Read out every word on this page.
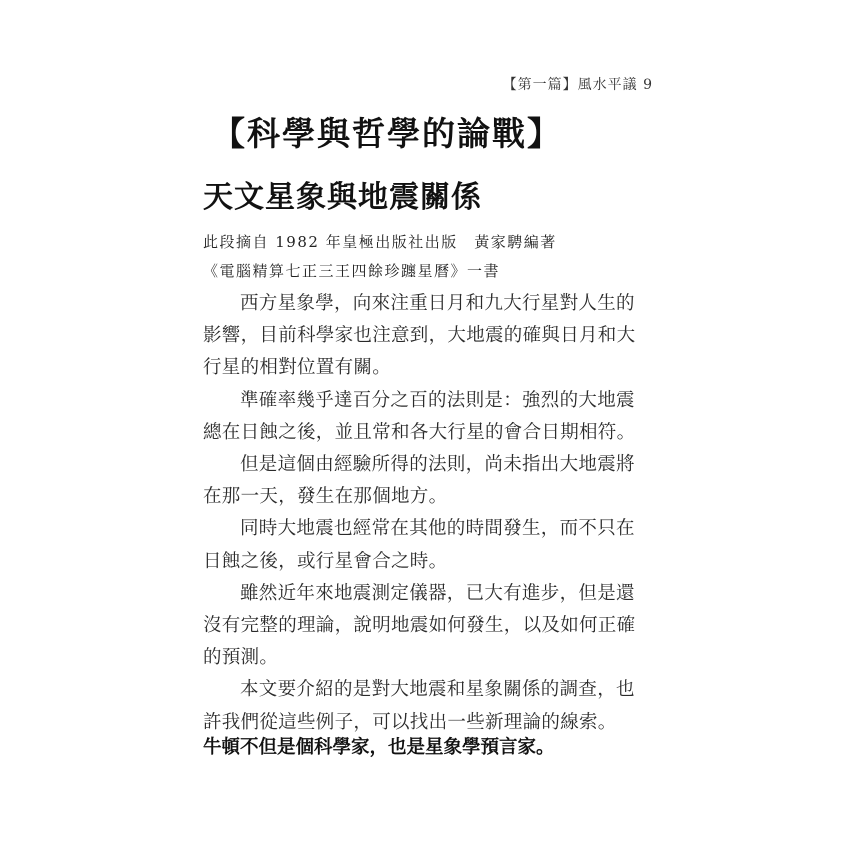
【第一篇】風水平議 9
【科學與哲學的論戰】
天文星象與地震關係
此段摘自 1982 年皇極出版社出版　黃家騁編著
《電腦精算七正三王四餘珍躔星曆》一書

西方星象學，向來注重日月和九大行星對人生的影響，目前科學家也注意到，大地震的確與日月和大行星的相對位置有關。

準確率幾乎達百分之百的法則是：強烈的大地震總在日蝕之後，並且常和各大行星的會合日期相符。

但是這個由經驗所得的法則，尚未指出大地震將在那一天，發生在那個地方。

同時大地震也經常在其他的時間發生，而不只在日蝕之後，或行星會合之時。

雖然近年來地震測定儀器，已大有進步，但是還沒有完整的理論，說明地震如何發生，以及如何正確的預測。

本文要介紹的是對大地震和星象關係的調查，也許我們從這些例子，可以找出一些新理論的線索。

牛頓不但是個科學家，也是星象學預言家。
